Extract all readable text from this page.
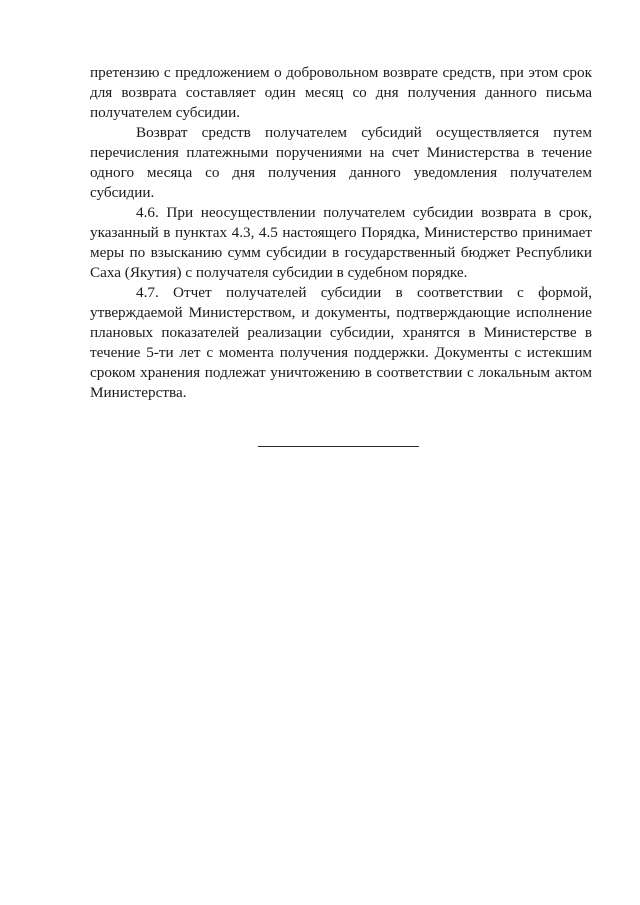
претензию с предложением о добровольном возврате средств, при этом срок для возврата составляет один месяц со дня получения данного письма получателем субсидии.

Возврат средств получателем субсидий осуществляется путем перечисления платежными поручениями на счет Министерства в течение одного месяца со дня получения данного уведомления получателем субсидии.

4.6. При неосуществлении получателем субсидии возврата в срок, указанный в пунктах 4.3, 4.5 настоящего Порядка, Министерство принимает меры по взысканию сумм субсидии в государственный бюджет Республики Саха (Якутия) с получателя субсидии в судебном порядке.

4.7. Отчет получателей субсидии в соответствии с формой, утверждаемой Министерством, и документы, подтверждающие исполнение плановых показателей реализации субсидии, хранятся в Министерстве в течение 5-ти лет с момента получения поддержки. Документы с истекшим сроком хранения подлежат уничтожению в соответствии с локальным актом Министерства.
